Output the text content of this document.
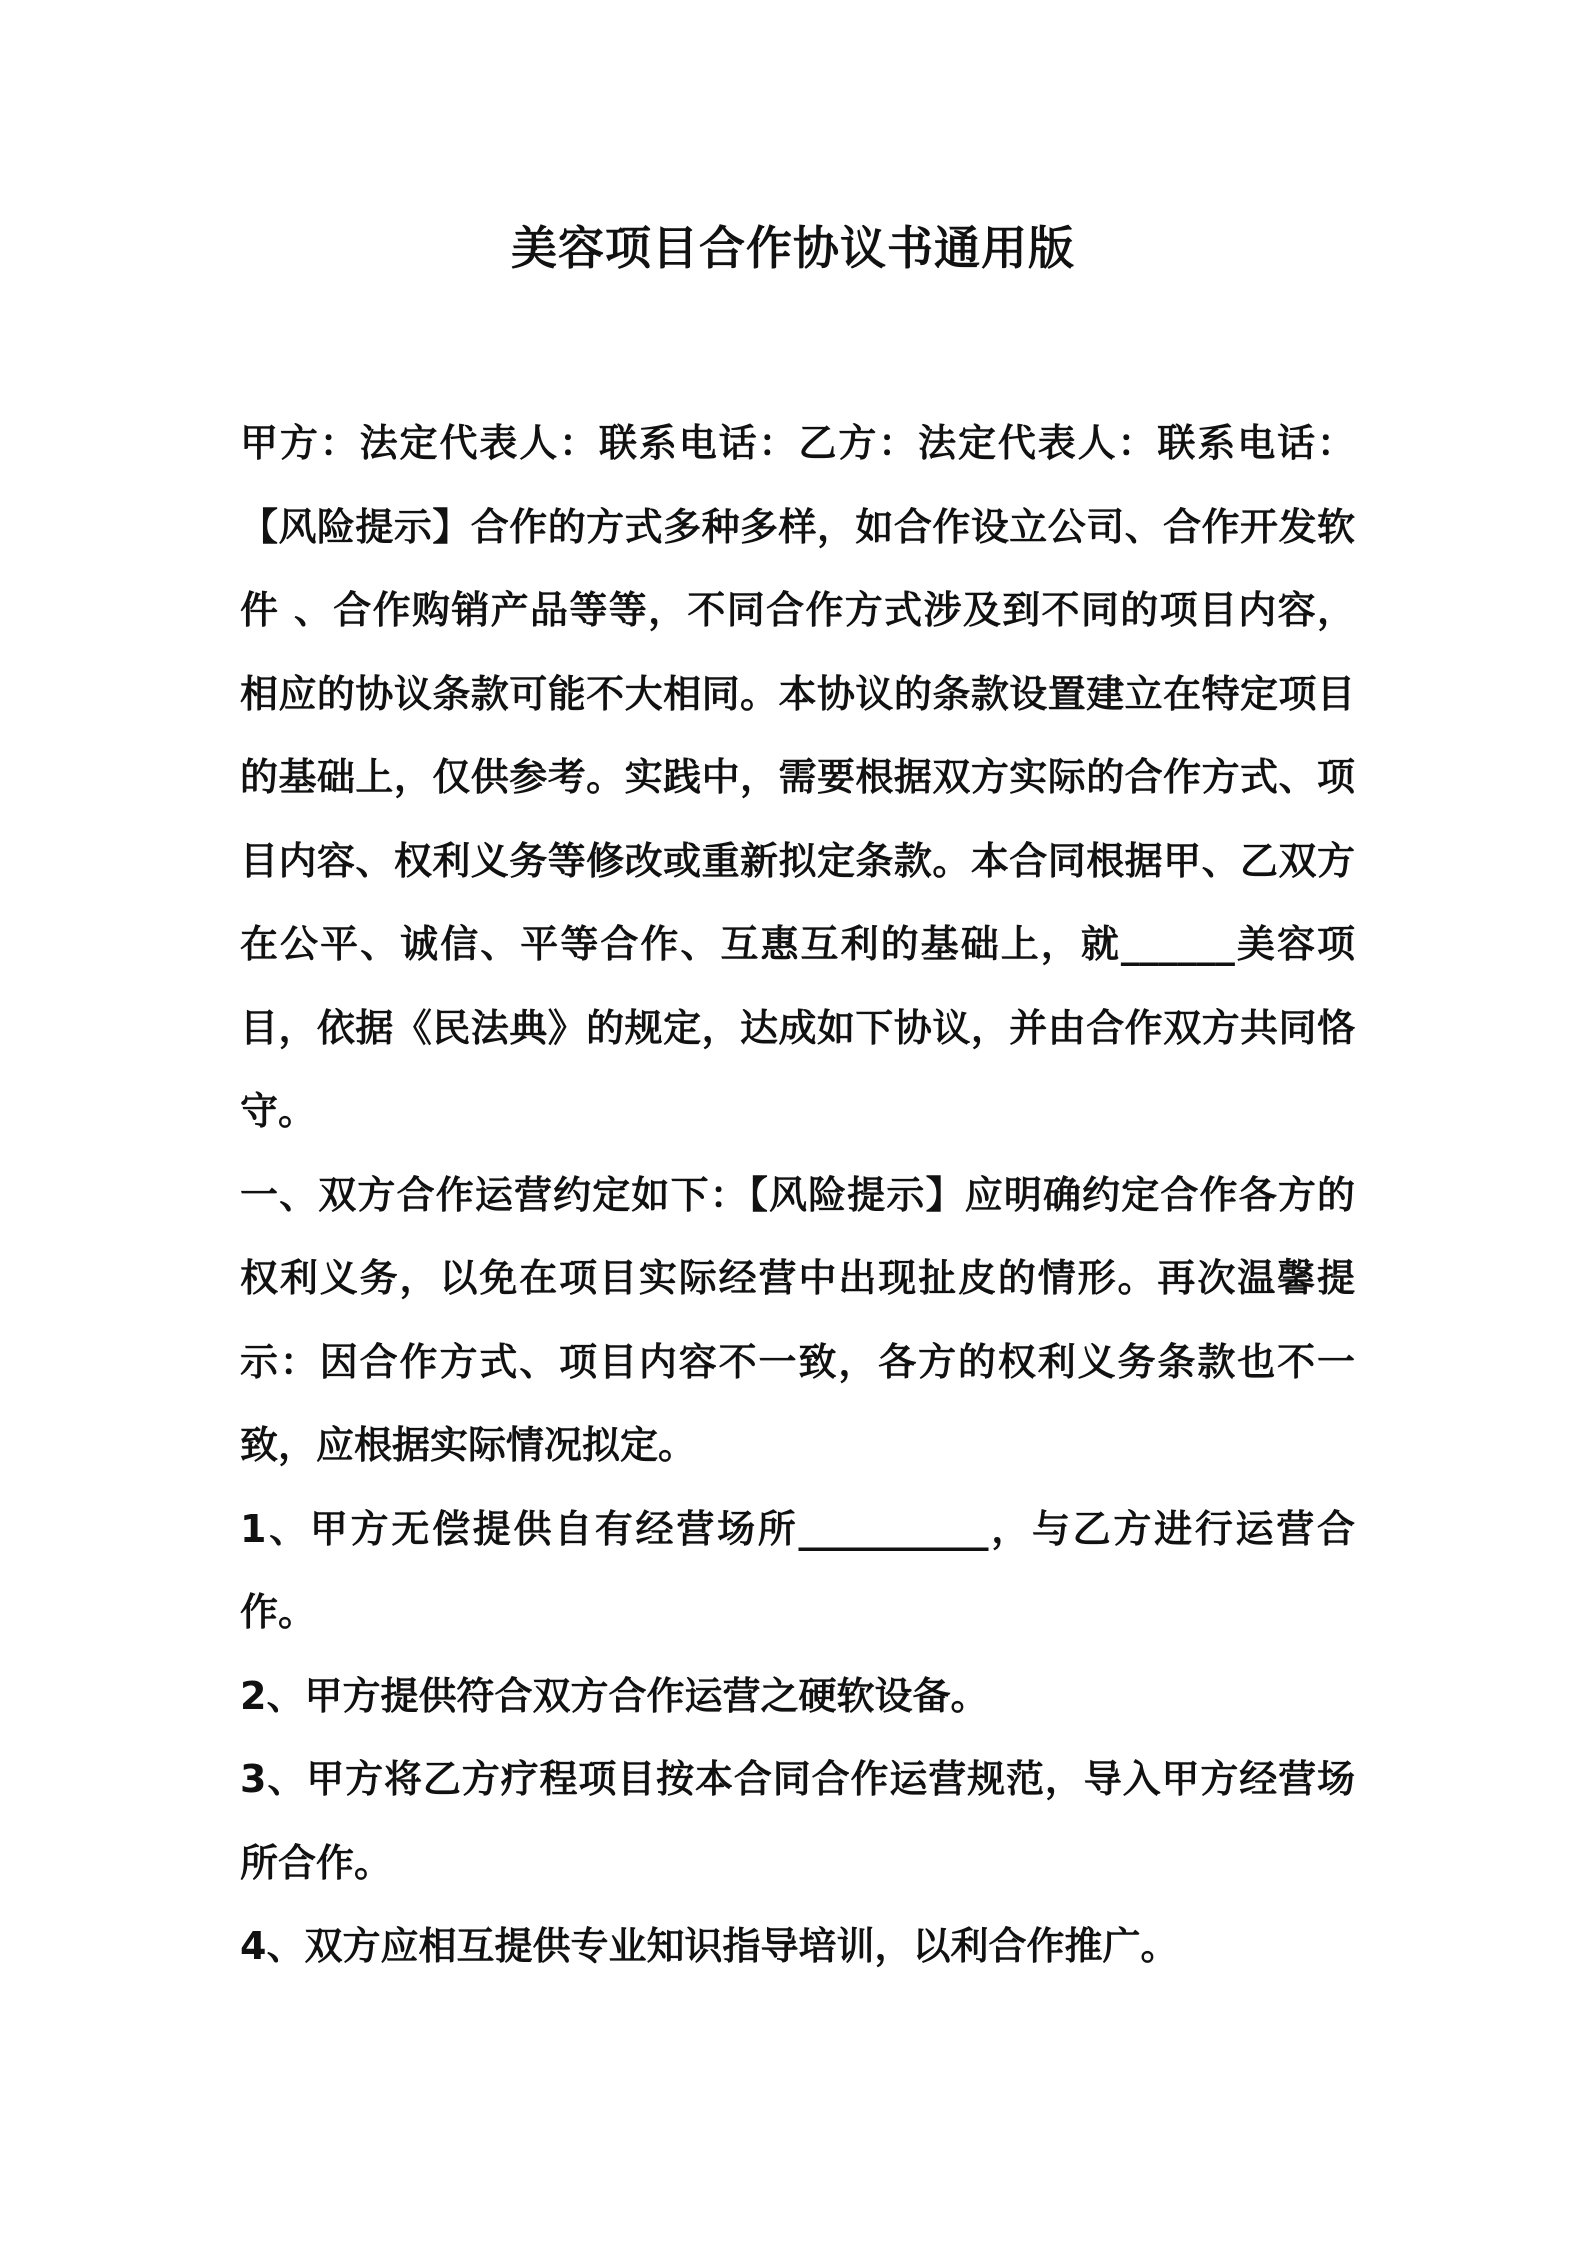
美容项目合作协议书通用版

甲方：法定代表人：联系电话：乙方：法定代表人：联系电话：【风险提示】合作的方式多种多样，如合作设立公司、合作开发软件 、合作购销产品等等，不同合作方式涉及到不同的项目内容，相应的协议条款可能不大相同。本协议的条款设置建立在特定项目的基础上，仅供参考。实践中，需要根据双方实际的合作方式、项目内容、权利义务等修改或重新拟定条款。本合同根据甲、乙双方在公平、诚信、平等合作、互惠互利的基础上，就______美容项目，依据《民法典》的规定，达成如下协议，并由合作双方共同恪守。

一、双方合作运营约定如下：【风险提示】应明确约定合作各方的权利义务，以免在项目实际经营中出现扯皮的情形。再次温馨提示：因合作方式、项目内容不一致，各方的权利义务条款也不一致，应根据实际情况拟定。

1、甲方无偿提供自有经营场所__________，与乙方进行运营合作。

2、甲方提供符合双方合作运营之硬软设备。

3、甲方将乙方疗程项目按本合同合作运营规范，导入甲方经营场所合作。

4、双方应相互提供专业知识指导培训，以利合作推广。
